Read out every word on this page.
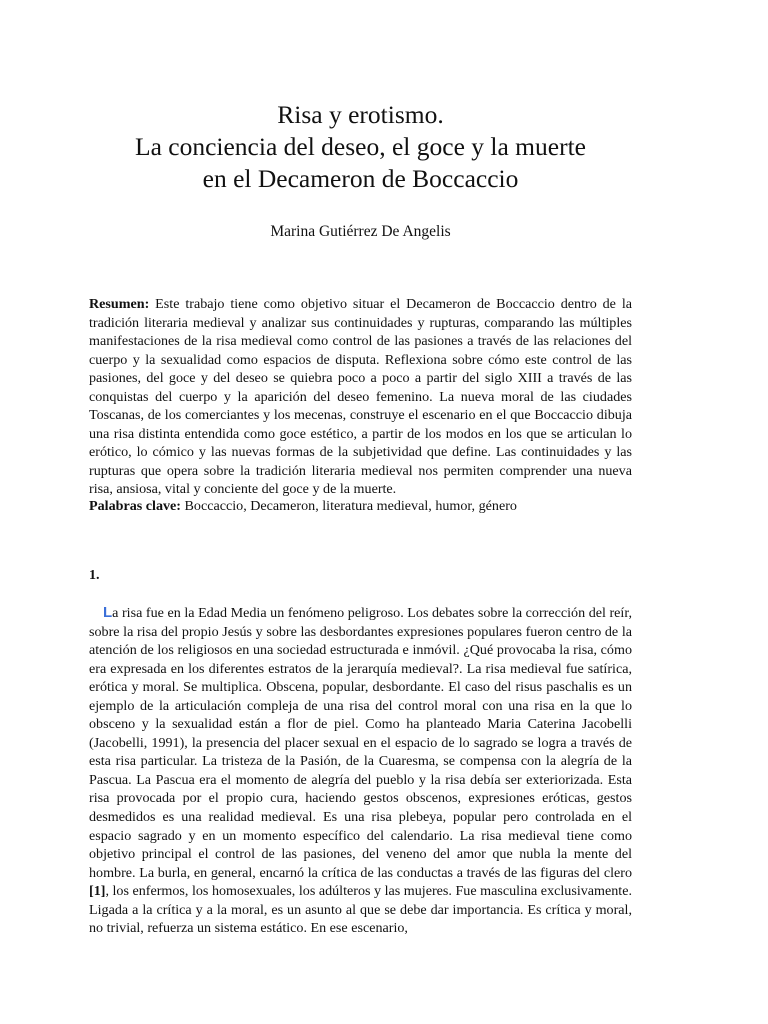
Risa y erotismo.
La conciencia del deseo, el goce y la muerte
en el Decameron de Boccaccio
Marina Gutiérrez De Angelis

Resumen: Este trabajo tiene como objetivo situar el Decameron de Boccaccio dentro de la tradición literaria medieval y analizar sus continuidades y rupturas, comparando las múltiples manifestaciones de la risa medieval como control de las pasiones a través de las relaciones del cuerpo y la sexualidad como espacios de disputa. Reflexiona sobre cómo este control de las pasiones, del goce y del deseo se quiebra poco a poco a partir del siglo XIII a través de las conquistas del cuerpo y la aparición del deseo femenino. La nueva moral de las ciudades Toscanas, de los comerciantes y los mecenas, construye el escenario en el que Boccaccio dibuja una risa distinta entendida como goce estético, a partir de los modos en los que se articulan lo erótico, lo cómico y las nuevas formas de la subjetividad que define. Las continuidades y las rupturas que opera sobre la tradición literaria medieval nos permiten comprender una nueva risa, ansiosa, vital y conciente del goce y de la muerte.

Palabras clave: Boccaccio, Decameron, literatura medieval, humor, género

1.

La risa fue en la Edad Media un fenómeno peligroso. Los debates sobre la corrección del reír, sobre la risa del propio Jesús y sobre las desbordantes expresiones populares fueron centro de la atención de los religiosos en una sociedad estructurada e inmóvil. ¿Qué provocaba la risa, cómo era expresada en los diferentes estratos de la jerarquía medieval?. La risa medieval fue satírica, erótica y moral. Se multiplica. Obscena, popular, desbordante. El caso del risus paschalis es un ejemplo de la articulación compleja de una risa del control moral con una risa en la que lo obsceno y la sexualidad están a flor de piel. Como ha planteado Maria Caterina Jacobelli (Jacobelli, 1991), la presencia del placer sexual en el espacio de lo sagrado se logra a través de esta risa particular. La tristeza de la Pasión, de la Cuaresma, se compensa con la alegría de la Pascua. La Pascua era el momento de alegría del pueblo y la risa debía ser exteriorizada. Esta risa provocada por el propio cura, haciendo gestos obscenos, expresiones eróticas, gestos desmedidos es una realidad medieval. Es una risa plebeya, popular pero controlada en el espacio sagrado y en un momento específico del calendario. La risa medieval tiene como objetivo principal el control de las pasiones, del veneno del amor que nubla la mente del hombre. La burla, en general, encarnó la crítica de las conductas a través de las figuras del clero [1], los enfermos, los homosexuales, los adúlteros y las mujeres. Fue masculina exclusivamente. Ligada a la crítica y a la moral, es un asunto al que se debe dar importancia. Es crítica y moral, no trivial, refuerza un sistema estático. En ese escenario,
